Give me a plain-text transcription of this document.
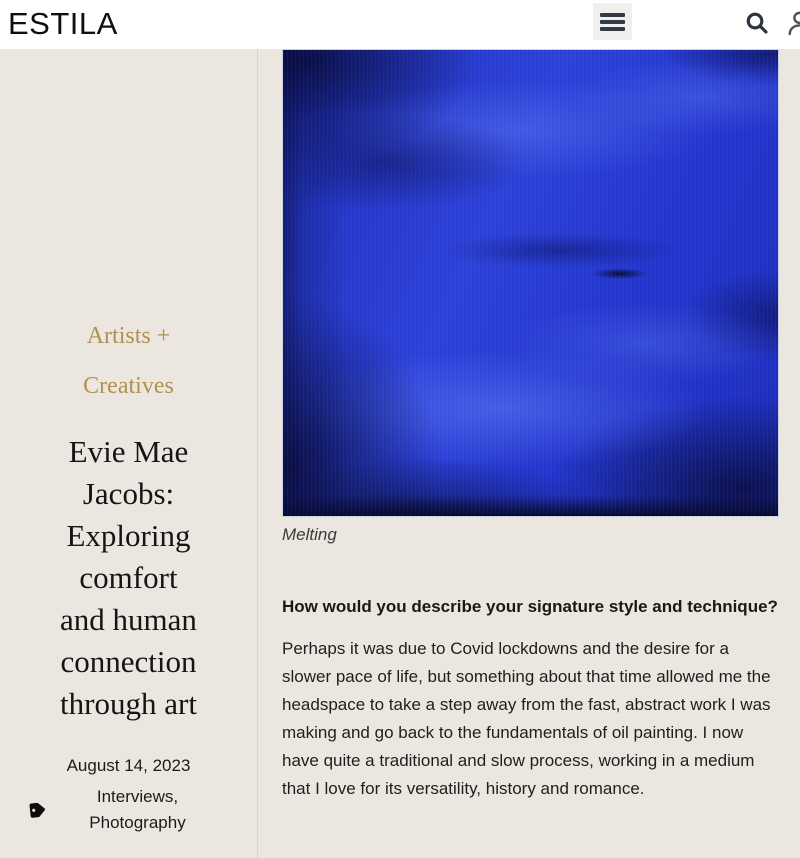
ESTILA
Artists +
Creatives
Evie Mae
Jacobs:
Exploring
comfort
and human
connection
through art
August 14, 2023
Interviews,
Photography
Melting

How would you describe your signature style and technique?

Perhaps it was due to Covid lockdowns and the desire for a slower pace of life, but something about that time allowed me the headspace to take a step away from the fast, abstract work I was making and go back to the fundamentals of oil painting. I now have quite a traditional and slow process, working in a medium that I love for its versatility, history and romance.
